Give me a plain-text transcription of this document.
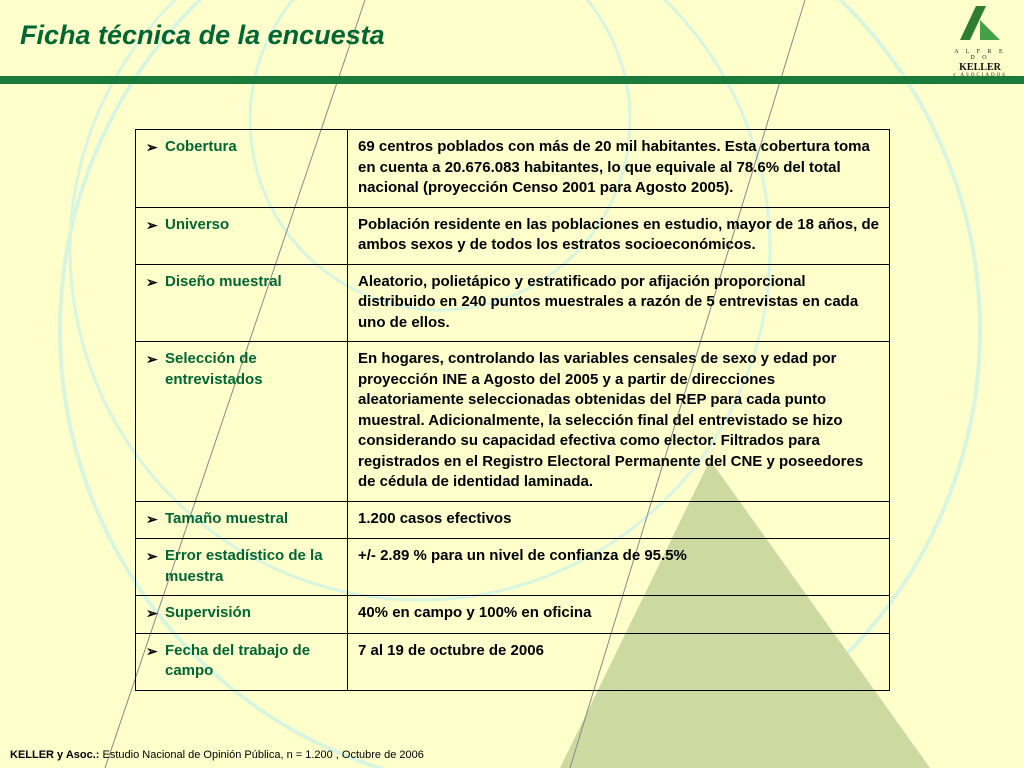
Ficha técnica de la encuesta
A L F R E D O
KELLER
y ASOCIADOS
➢ Cobertura	69 centros poblados con más de 20 mil habitantes. Esta cobertura toma en cuenta a 20.676.083 habitantes, lo que equivale al 78.6% del total nacional (proyección Censo 2001 para Agosto 2005).
➢ Universo	Población residente en las poblaciones en estudio, mayor de 18 años, de ambos sexos y de todos los estratos socioeconómicos.
➢ Diseño muestral	Aleatorio, polietápico y estratificado por afijación proporcional distribuido en 240 puntos muestrales a razón de 5 entrevistas en cada uno de ellos.
➢ Selección de entrevistados	En hogares, controlando las variables censales de sexo y edad por proyección INE a Agosto del 2005 y a partir de direcciones aleatoriamente seleccionadas obtenidas del REP para cada punto muestral. Adicionalmente, la selección final del entrevistado se hizo considerando su capacidad efectiva como elector. Filtrados para registrados en el Registro Electoral Permanente del CNE y poseedores de cédula de identidad laminada.
➢ Tamaño muestral	1.200 casos efectivos
➢ Error estadístico de la muestra	+/- 2.89 % para un nivel de confianza de 95.5%
➢ Supervisión	40% en campo y 100% en oficina
➢ Fecha del trabajo de campo	7 al 19 de octubre de 2006
KELLER y Asoc.: Estudio Nacional de Opinión Pública, n = 1.200 , Octubre de 2006
